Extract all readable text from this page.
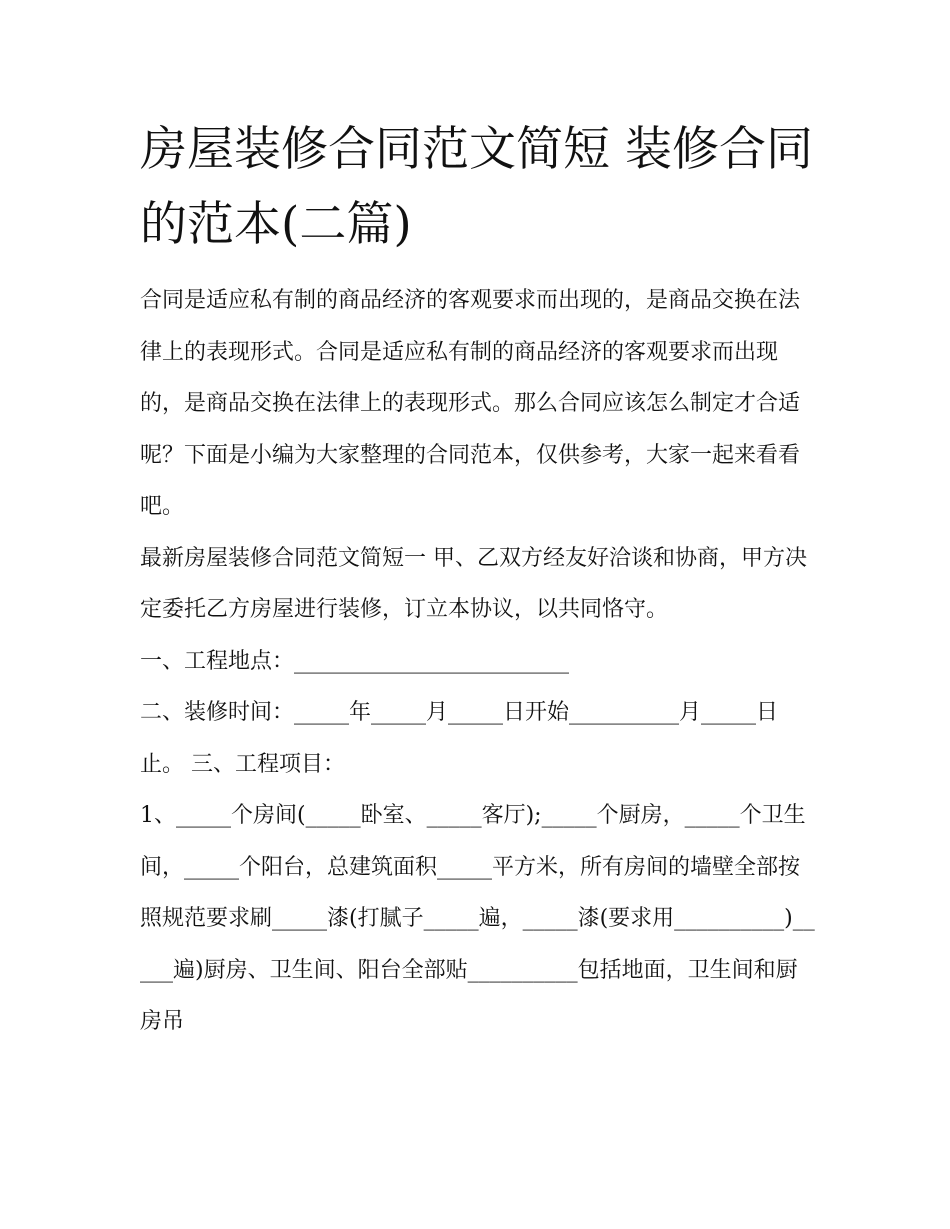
房屋装修合同范文简短 装修合同的范本(二篇)

合同是适应私有制的商品经济的客观要求而出现的，是商品交换在法律上的表现形式。合同是适应私有制的商品经济的客观要求而出现的，是商品交换在法律上的表现形式。那么合同应该怎么制定才合适呢？下面是小编为大家整理的合同范本，仅供参考，大家一起来看看吧。

最新房屋装修合同范文简短一 甲、乙双方经友好洽谈和协商，甲方决定委托乙方房屋进行装修，订立本协议，以共同恪守。

一、工程地点：_________________________

二、装修时间：_____年_____月_____日开始__________月_____日止。 三、工程项目：

1、_____个房间(_____卧室、_____客厅);_____个厨房，_____个卫生间，_____个阳台，总建筑面积_____平方米，所有房间的墙壁全部按照规范要求刷_____漆(打腻子_____遍，_____漆(要求用__________)_____遍)厨房、卫生间、阳台全部贴__________包括地面，卫生间和厨房吊
